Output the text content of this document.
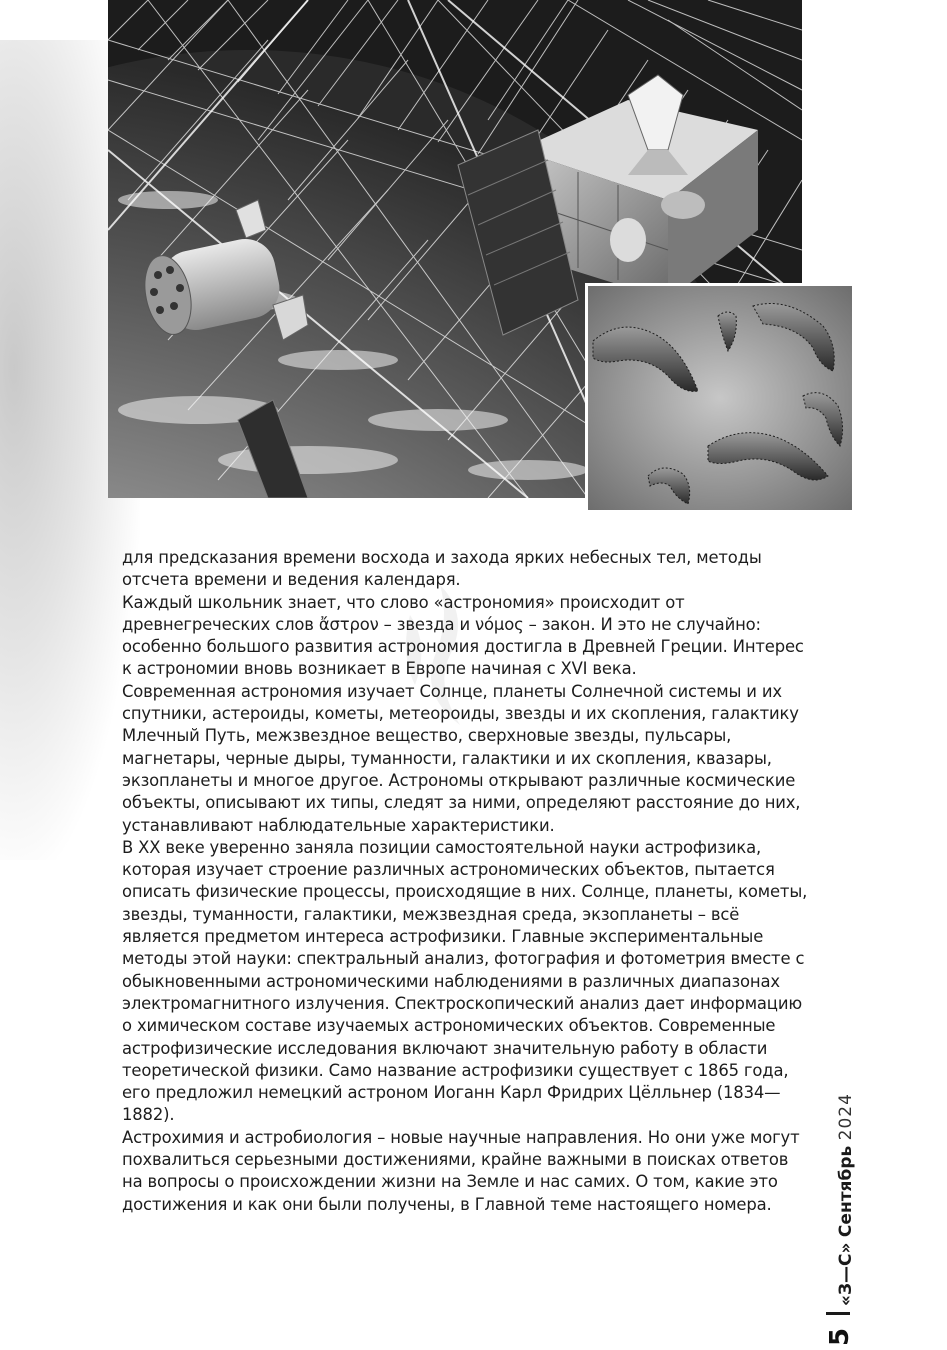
для предсказания времени восхода и захода ярких небесных тел, методы отсчета времени и ведения календаря.

Каждый школьник знает, что слово «астрономия» происходит от древнегреческих слов ἄστρον – звезда и νόμος – закон. И это не случайно: особенно большого развития астрономия достигла в Древней Греции. Интерес к астрономии вновь возникает в Европе начиная с XVI века.

Современная астрономия изучает Солнце, планеты Солнечной системы и их спутники, астероиды, кометы, метеороиды, звезды и их скопления, галактику Млечный Путь, межзвездное вещество, сверхновые звезды, пульсары, магнетары, черные дыры, туманности, галактики и их скопления, квазары, экзопланеты и многое другое. Астрономы открывают различные космические объекты, описывают их типы, следят за ними, определяют расстояние до них, устанавливают наблюдательные характеристики.

В XX веке уверенно заняла позиции самостоятельной науки астрофизика, которая изучает строение различных астрономических объектов, пытается описать физические процессы, происходящие в них. Солнце, планеты, кометы, звезды, туманности, галактики, межзвездная среда, экзопланеты – всё является предметом интереса астрофизики. Главные экспериментальные методы этой науки: спектральный анализ, фотография и фотометрия вместе с обыкновенными астрономическими наблюдениями в различных диапазонах электромагнитного излучения. Спектроскопический анализ дает информацию о химическом составе изучаемых астрономических объектов. Современные астрофизические исследования включают значительную работу в области теоретической физики. Само название астрофизики существует с 1865 года, его предложил немецкий астроном Иоганн Карл Фридрих Цёлльнер (1834—1882).

Астрохимия и астробиология – новые научные направления. Но они уже могут похвалиться серьезными достижениями, крайне важными в поисках ответов на вопросы о происхождении жизни на Земле и нас самих. О том, какие это достижения и как они были получены, в Главной теме настоящего номера.

«З—С» Сентябрь 2024
5
